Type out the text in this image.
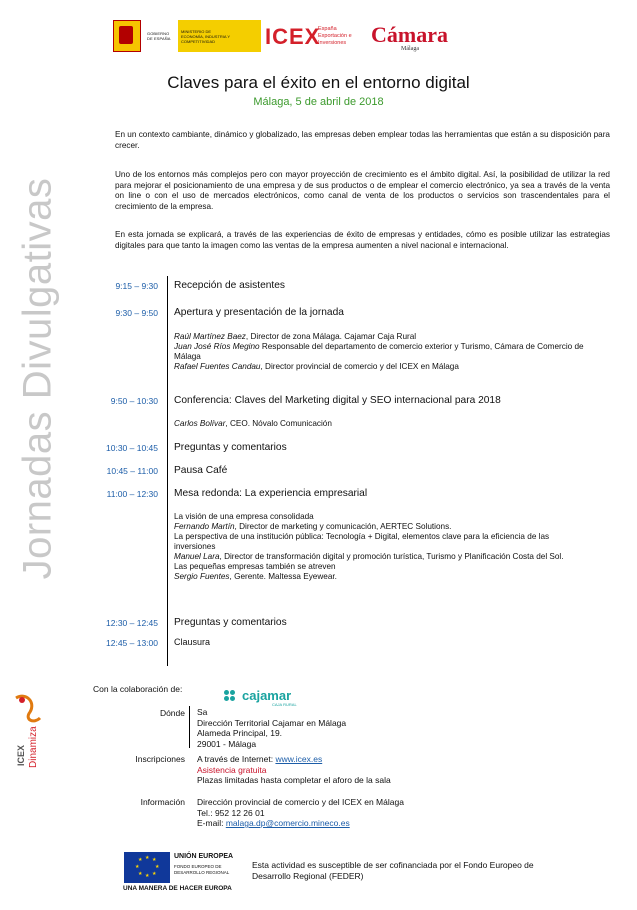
GOBIERNO DE ESPAÑA
MINISTERIO DE ECONOMÍA, INDUSTRIA Y COMPETITIVIDAD	ICEX
España Exportación e Inversiones	Cámara
Málaga
Claves para el éxito en el entorno digital
Málaga, 5 de abril de 2018
Jornadas Divulgativas
En un contexto cambiante, dinámico y globalizado, las empresas deben emplear todas las herramientas que están a su disposición para crecer.
Uno de los entornos más complejos pero con mayor proyección de crecimiento es el ámbito digital. Así, la posibilidad de utilizar la red para mejorar el posicionamiento de una empresa y de sus productos o de emplear el comercio electrónico, ya sea a través de la venta on line o con el uso de mercados electrónicos, como canal de venta de los productos o servicios son trascendentales para el crecimiento de la empresa.
En esta jornada se explicará, a través de las experiencias de éxito de empresas y entidades, cómo es posible utilizar las estrategias digitales para que tanto la imagen como las ventas de la empresa aumenten a nivel nacional e internacional.
9:15 – 9:30 Recepción de asistentes
9:30 – 9:50 Apertura y presentación de la jornada
Raúl Martínez Baez, Director de zona Málaga. Cajamar Caja Rural
Juan José Ríos Megino Responsable del departamento de comercio exterior y Turismo, Cámara de Comercio de Málaga
Rafael Fuentes Candau, Director provincial de comercio y del ICEX en Málaga
9:50 – 10:30 Conferencia: Claves del Marketing digital y SEO internacional para 2018
Carlos Bolívar, CEO. Nóvalo Comunicación
10:30 – 10:45 Preguntas y comentarios
10:45 – 11:00 Pausa Café
11:00 – 12:30 Mesa redonda: La experiencia empresarial
La visión de una empresa consolidada
Fernando Martín, Director de marketing y comunicación, AERTEC Solutions.
La perspectiva de una institución pública: Tecnología + Digital, elementos clave para la eficiencia de las inversiones
Manuel Lara, Director de transformación digital y promoción turística, Turismo y Planificación Costa del Sol.
Las pequeñas empresas también se atreven
Sergio Fuentes, Gerente. Maltessa Eyewear.
12:30 – 12:45 Preguntas y comentarios
12:45 – 13:00 Clausura
Con la colaboración de:	cajamar
CAJA RURAL
Dónde Sa
Dirección Territorial Cajamar en Málaga
Alameda Principal, 19.
29001 - Málaga
Inscripciones A través de Internet: www.icex.es
Asistencia gratuita
Plazas limitadas hasta completar el aforo de la sala
Información Dirección provincial de comercio y del ICEX en Málaga
Tel.: 952 12 26 01
E-mail: malaga.dp@comercio.mineco.es
ICEX Dinamiza
★ ★
★
★
★
★
★
★	UNIÓN EUROPEA
FONDO EUROPEO DE DESARROLLO REGIONAL
UNA MANERA DE HACER EUROPA
Esta actividad es susceptible de ser cofinanciada por el Fondo Europeo de Desarrollo Regional (FEDER)
